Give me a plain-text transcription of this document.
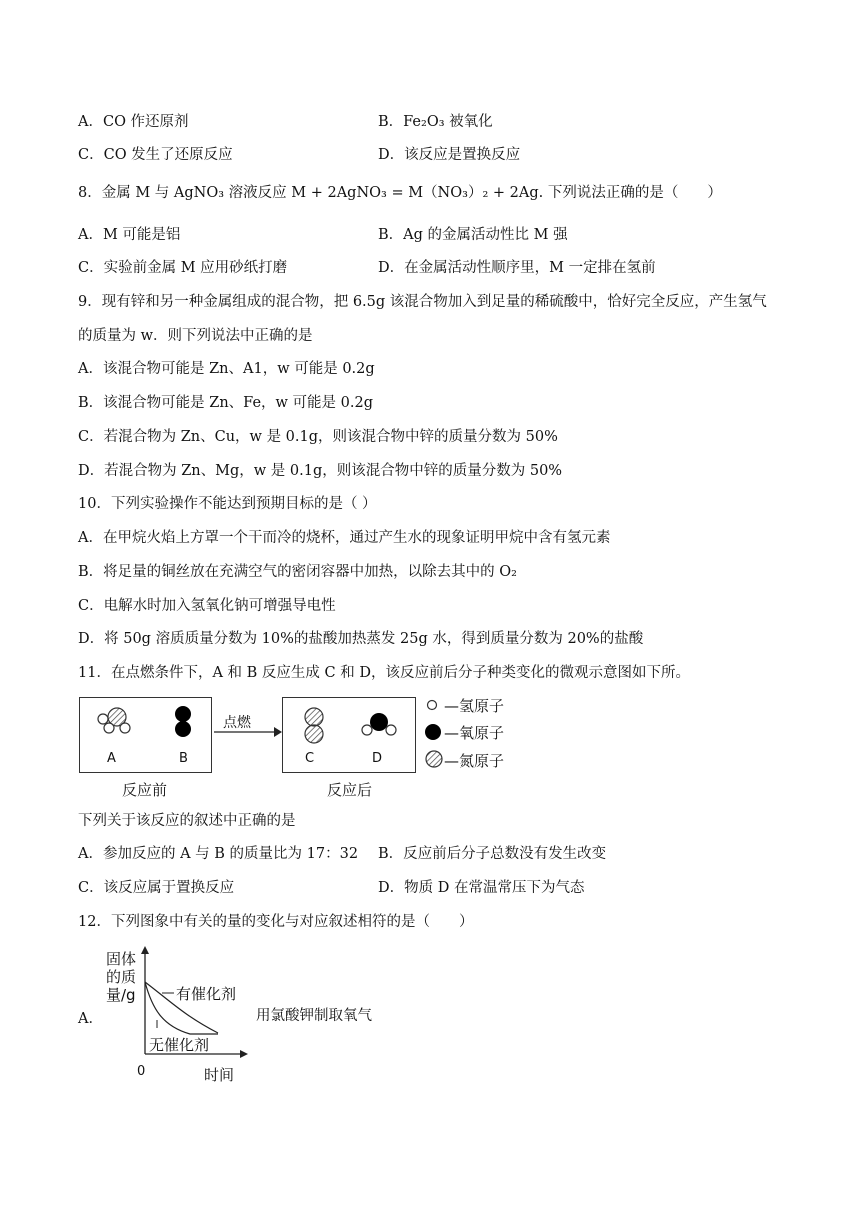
A．CO 作还原剂	B．Fe₂O₃ 被氧化
C．CO 发生了还原反应	D．该反应是置换反应
8．金属 M 与 AgNO₃ 溶液反应 M + 2AgNO₃ = M（NO₃）₂ + 2Ag. 下列说法正确的是（　　）
A．M 可能是铝	B．Ag 的金属活动性比 M 强
C．实验前金属 M 应用砂纸打磨	D．在金属活动性顺序里，M 一定排在氢前
9．现有锌和另一种金属组成的混合物，把 6.5g 该混合物加入到足量的稀硫酸中，恰好完全反应，产生氢气
的质量为 w．则下列说法中正确的是
A．该混合物可能是 Zn、A1，w 可能是 0.2g
B．该混合物可能是 Zn、Fe，w 可能是 0.2g
C．若混合物为 Zn、Cu，w 是 0.1g，则该混合物中锌的质量分数为 50%
D．若混合物为 Zn、Mg，w 是 0.1g，则该混合物中锌的质量分数为 50%
10．下列实验操作不能达到预期目标的是（ ）
A．在甲烷火焰上方罩一个干而冷的烧杯，通过产生水的现象证明甲烷中含有氢元素
B．将足量的铜丝放在充满空气的密闭容器中加热，以除去其中的 O₂
C．电解水时加入氢氧化钠可增强导电性
D．将 50g 溶质质量分数为 10%的盐酸加热蒸发 25g 水，得到质量分数为 20%的盐酸
11．在点燃条件下，A 和 B 反应生成 C 和 D，该反应前后分子种类变化的微观示意图如下所。
A	B
点燃
C	D
反应前	反应后
—氢原子
—氧原子
—氮原子
下列关于该反应的叙述中正确的是
A．参加反应的 A 与 B 的质量比为 17：32 B．反应前后分子总数没有发生改变
C．该反应属于置换反应	D．物质 D 在常温常压下为气态
12．下列图象中有关的量的变化与对应叙述相符的是（　　）
A．	用氯酸钾制取氧气
固体
的质
量/g	有催化剂
无催化剂
0	时间
